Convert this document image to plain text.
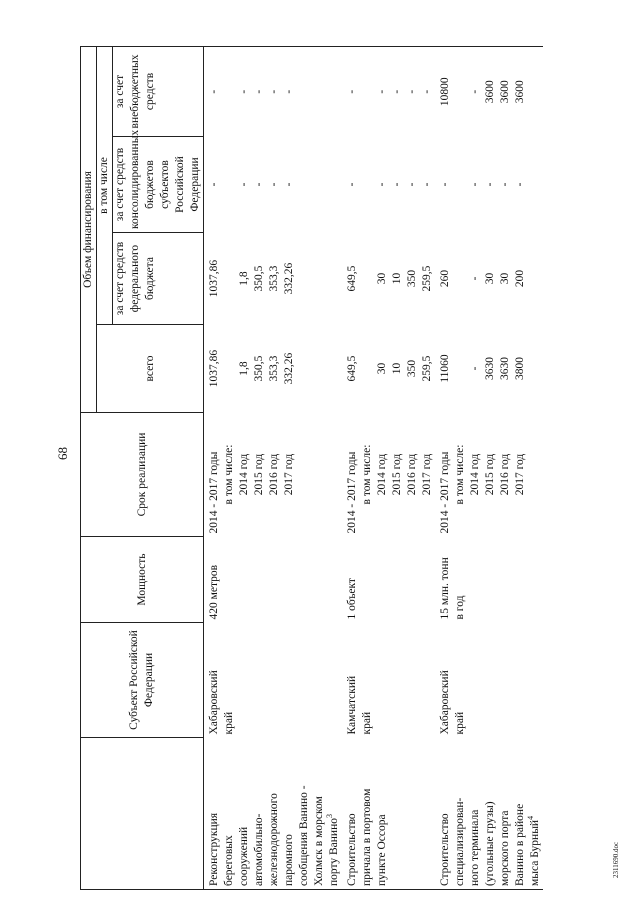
68
2311690.doc
	Субъект Российской Федерации	Мощность	Срок реализации	Объем финансирования			
				всего	в том числе		
					за счет средств федерального бюджета	за счет средств консолидированных бюджетов субъектов Российской Федерации	за счет внебюджетных средств
Реконструкция	Хабаровский	420 метров	2014 - 2017 годы	1037,86	1037,86	-	-
береговых	край		в том числе:				
сооружений			2014 год	1,8	1,8	-	-
автомобильно-			2015 год	350,5	350,5	-	-
железнодорожного			2016 год	353,3	353,3	-	-
паромного			2017 год	332,26	332,26	-	-
сообщения Ванино -							
Холмск в морском							
порту Ванино$^3$							
Строительство	Камчатский	1 объект	2014 - 2017 годы	649,5	649,5	-	-
причала в портовом	край		в том числе:				
пункте Оссора			2014 год	30	30	-	-
			2015 год	10	10	-	-
			2016 год	350	350	-	-
			2017 год	259,5	259,5	-	-
Строительство	Хабаровский	15 млн. тонн	2014 - 2017 годы	11060	260	-	10800
специализирован-	край	в год	в том числе:				
ного терминала			2014 год	-	-	-	-
(угольные грузы)			2015 год	3630	30	-	3600
морского порта			2016 год	3630	30	-	3600
Ванино в районе			2017 год	3800	200	-	3600
мыса Бурный$^4$							
